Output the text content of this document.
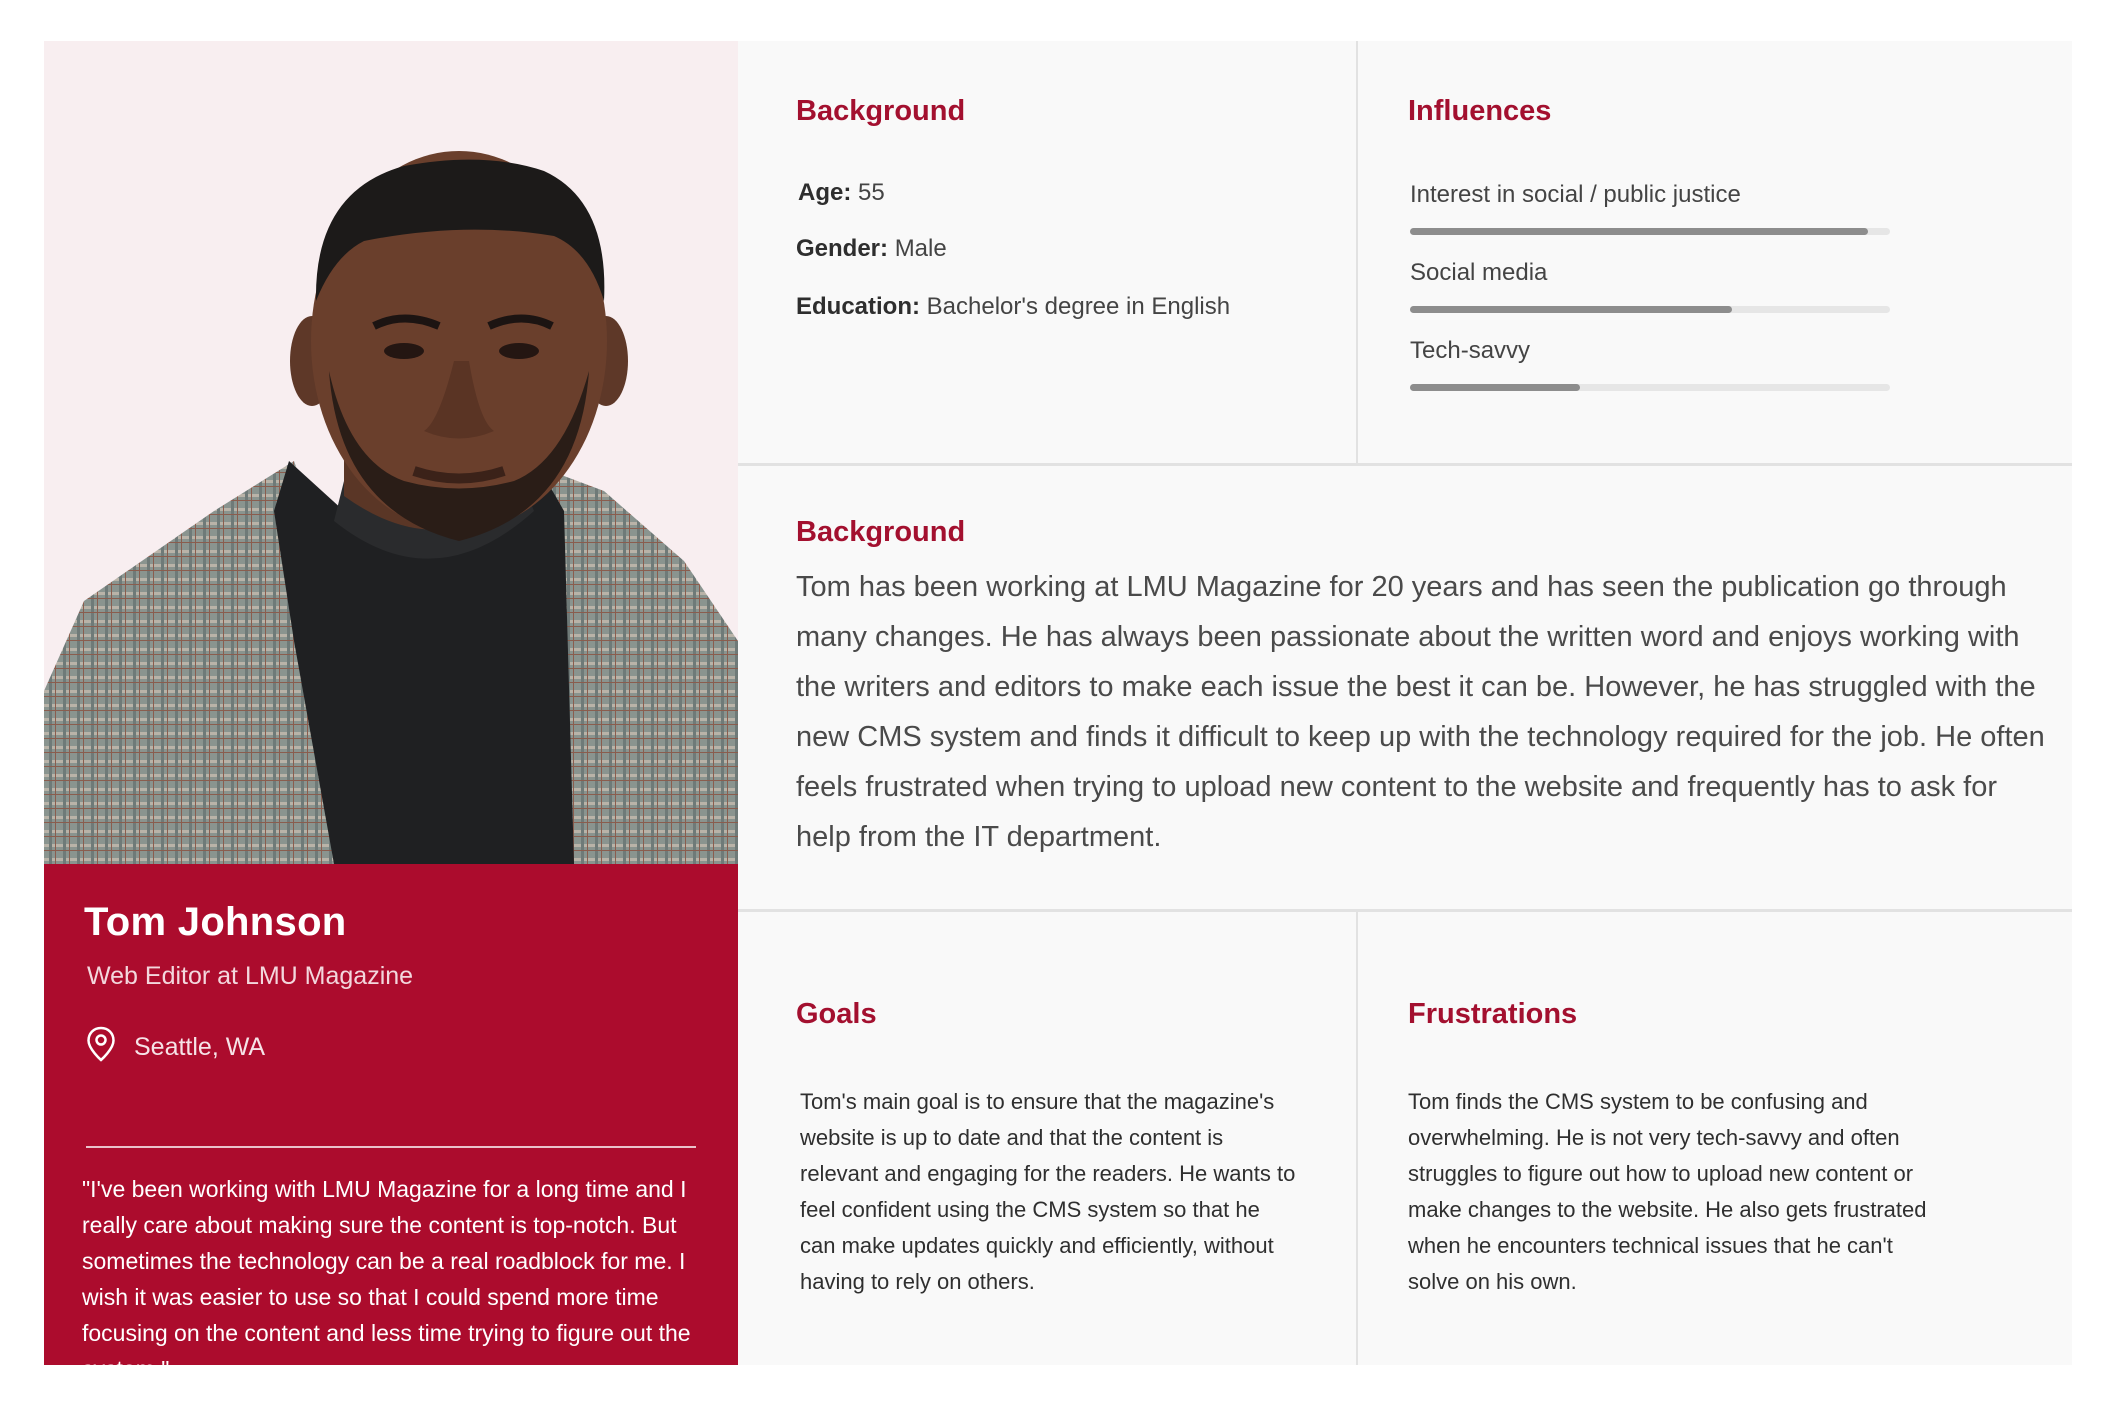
Tom Johnson
Web Editor at LMU Magazine
Seattle, WA
"I've been working with LMU Magazine for a long time and I really care about making sure the content is top-notch. But sometimes the technology can be a real roadblock for me. I wish it was easier to use so that I could spend more time focusing on the content and less time trying to figure out the system."
Background
Age: 55
Gender: Male
Education: Bachelor's degree in English
Influences
Interest in social / public justice
Social media
Tech-savvy
Background
Tom has been working at LMU Magazine for 20 years and has seen the publication go through many changes. He has always been passionate about the written word and enjoys working with the writers and editors to make each issue the best it can be. However, he has struggled with the new CMS system and finds it difficult to keep up with the technology required for the job. He often feels frustrated when trying to upload new content to the website and frequently has to ask for help from the IT department.
Goals
Tom's main goal is to ensure that the magazine's website is up to date and that the content is relevant and engaging for the readers. He wants to feel confident using the CMS system so that he can make updates quickly and efficiently, without having to rely on others.
Frustrations
Tom finds the CMS system to be confusing and overwhelming. He is not very tech-savvy and often struggles to figure out how to upload new content or make changes to the website. He also gets frustrated when he encounters technical issues that he can't solve on his own.
